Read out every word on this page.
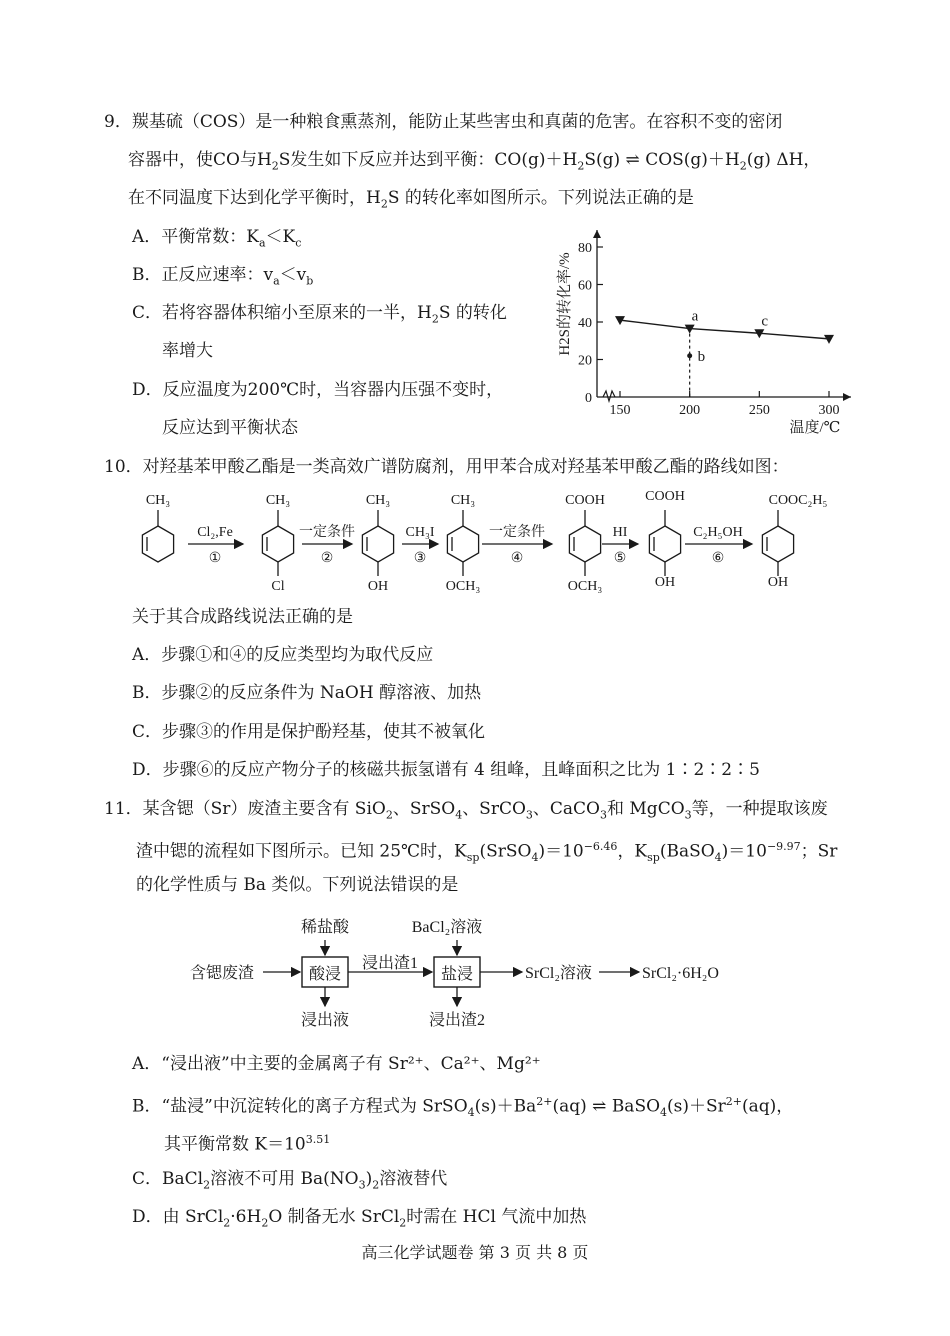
9．羰基硫（COS）是一种粮食熏蒸剂，能防止某些害虫和真菌的危害。在容积不变的密闭
容器中，使CO与$H_2S$发生如下反应并达到平衡：$CO(g)+H_2S(g)$ ⇌ $COS(g)+H_2(g)$ ΔH，
在不同温度下达到化学平衡时，$H_2S$ 的转化率如图所示。下列说法正确的是
A．平衡常数：$K_a<K_c$
B．正反应速率：$v_a<v_b$
C．若将容器体积缩小至原来的一半，$H_2S$ 的转化
率增大
D．反应温度为200℃时，当容器内压强不变时，
反应达到平衡状态
0
20
40
60
80
150	200	250	300
a
b
c
H2S的转化率/%
温度/℃
10．对羟基苯甲酸乙酯是一类高效广谱防腐剂，用甲苯合成对羟基苯甲酸乙酯的路线如图：
CH₃
Cl₂,Fe
①
CH₃
Cl
一定条件
②
CH₃
OH
CH₃I
③
CH₃
OCH₃
一定条件
④
COOH
OCH₃
HI
⑤
COOH
OH
C₂H₅OH
⑥
COOC₂H₅
OH
关于其合成路线说法正确的是
A．步骤①和④的反应类型均为取代反应
B．步骤②的反应条件为 NaOH 醇溶液、加热
C．步骤③的作用是保护酚羟基，使其不被氧化
D．步骤⑥的反应产物分子的核磁共振氢谱有 4 组峰，且峰面积之比为 1∶2∶2∶5
11．某含锶（Sr）废渣主要含有 SiO$_2$、SrSO$_4$、SrCO$_3$、CaCO$_3$和 MgCO$_3$等，一种提取该废
渣中锶的流程如下图所示。已知 25℃时，$K_{sp}(SrSO_4)=10^{-6.46}$，$K_{sp}(BaSO_4)=10^{-9.97}$；Sr
的化学性质与 Ba 类似。下列说法错误的是
稀盐酸	BaCl₂溶液
含锶废渣	酸浸
浸出渣1
盐浸	SrCl₂溶液	SrCl₂·6H₂O
浸出液	浸出渣2
A．“浸出液”中主要的金属离子有 Sr²⁺、Ca²⁺、Mg²⁺
B．“盐浸”中沉淀转化的离子方程式为 $SrSO_4(s)+Ba^{2+}(aq)$ ⇌ $BaSO_4(s)+Sr^{2+}(aq)$，
其平衡常数 $K=10^{3.51}$
C．BaCl$_2$溶液不可用 $Ba(NO_3)_2$溶液替代
D．由 $SrCl_2\cdot 6H_2O$ 制备无水 SrCl$_2$时需在 HCl 气流中加热
高三化学试题卷 第 3 页 共 8 页
